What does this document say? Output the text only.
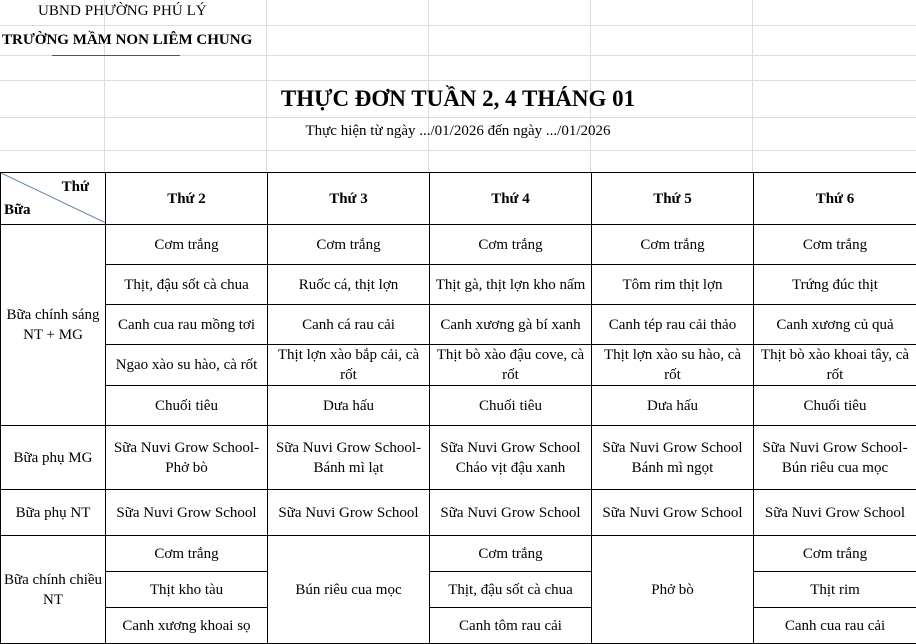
UBND PHƯỜNG PHÚ LÝ
TRƯỜNG MẦM NON LIÊM CHUNG
THỰC ĐƠN TUẦN 2, 4 THÁNG 01
Thực hiện từ ngày .../01/2026 đến ngày .../01/2026
Thứ
Bữa	Thứ 2	Thứ 3	Thứ 4	Thứ 5	Thứ 6
Bữa chính sáng NT + MG	Cơm trắng	Cơm trắng	Cơm trắng	Cơm trắng	Cơm trắng
	Thịt, đậu sốt cà chua	Ruốc cá, thịt lợn	Thịt gà, thịt lợn kho nấm	Tôm rim thịt lợn	Trứng đúc thịt
	Canh cua rau mồng tơi	Canh cá rau cải	Canh xương gà bí xanh	Canh tép rau cải thảo	Canh xương củ quả
	Ngao xào su hào, cà rốt	Thịt lợn xào bắp cải, cà rốt	Thịt bò xào đậu cove, cà rốt	Thịt lợn xào su hào, cà rốt	Thịt bò xào khoai tây, cà rốt
	Chuối tiêu	Dưa hấu	Chuối tiêu	Dưa hấu	Chuối tiêu
Bữa phụ MG	Sữa Nuvi Grow School- Phở bò	Sữa Nuvi Grow School- Bánh mì lạt	Sữa Nuvi Grow School Cháo vịt đậu xanh	Sữa Nuvi Grow School Bánh mì ngọt	Sữa Nuvi Grow School- Bún riêu cua mọc
Bữa phụ NT	Sữa Nuvi Grow School	Sữa Nuvi Grow School	Sữa Nuvi Grow School	Sữa Nuvi Grow School	Sữa Nuvi Grow School
Bữa chính chiều NT	Cơm trắng	Bún riêu cua mọc	Cơm trắng	Phở bò	Cơm trắng
	Thịt kho tàu		Thịt, đậu sốt cà chua		Thịt rim
	Canh xương khoai sọ		Canh tôm rau cải		Canh cua rau cải
